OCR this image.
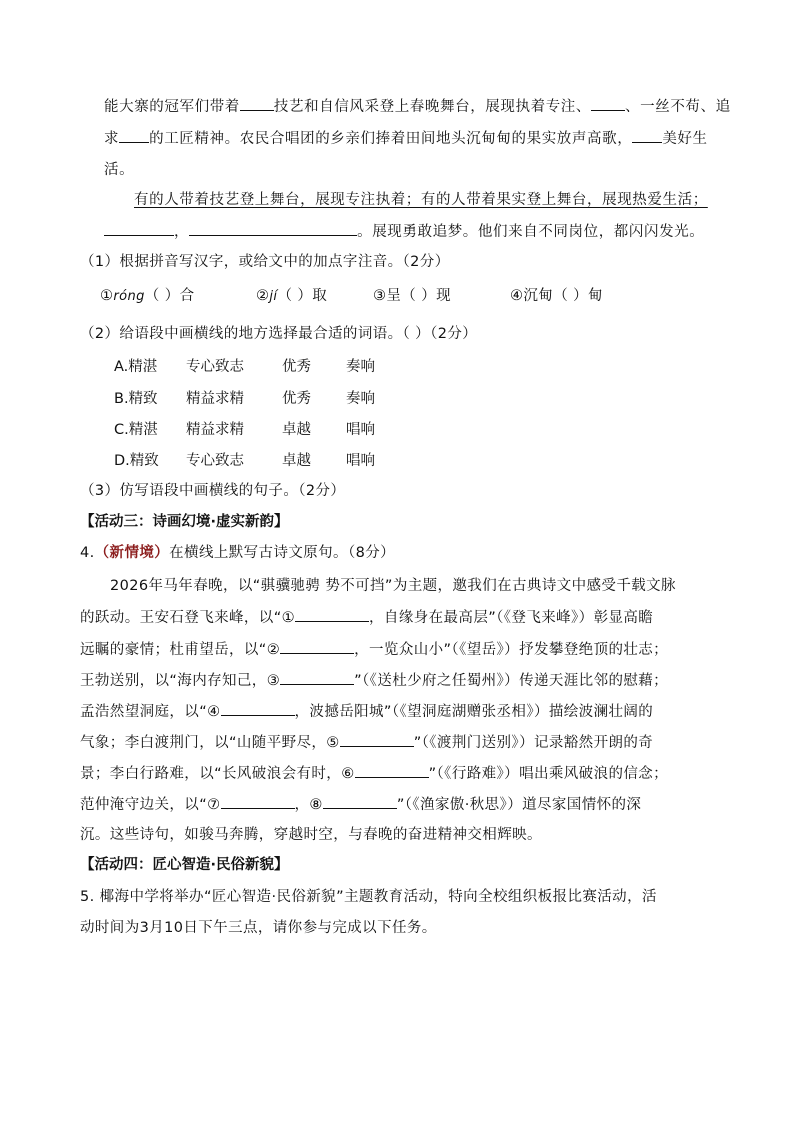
能大寨的冠军们带着 技艺和自信风采登上春晚舞台，展现执着专注、 、一丝不苟、追
求 的工匠精神。农民合唱团的乡亲们捧着田间地头沉甸甸的果实放声高歌， 美好生
活。
有的人带着技艺登上舞台，展现专注执着；有的人带着果实登上舞台，展现热爱生活；
，	。展现勇敢追梦。他们来自不同岗位，都闪闪发光。
（1）根据拼音写汉字，或给文中的加点字注音。（2分）
①róng（ ）合	②jí（ ）取	③呈（ ）现	④沉甸（ ）甸
（2）给语段中画横线的地方选择最合适的词语。（ ）（2分）
A.精湛 专心致志	优秀 奏响
B.精致 精益求精	优秀 奏响
C.精湛 精益求精	卓越 唱响
D.精致 专心致志	卓越 唱响
（3）仿写语段中画横线的句子。（2分）
【活动三：诗画幻境·虚实新韵】
4.（新情境）在横线上默写古诗文原句。（8分）
2026年马年春晚，以“骐骥驰骋 势不可挡”为主题，邀我们在古典诗文中感受千载文脉
的跃动。王安石登飞来峰，以“①	，自缘身在最高层”（《登飞来峰》）彰显高瞻
远瞩的豪情；杜甫望岳，以“②	，一览众山小”（《望岳》）抒发攀登绝顶的壮志；
王勃送别，以“海内存知己，③	”（《送杜少府之任蜀州》）传递天涯比邻的慰藉；
孟浩然望洞庭，以“④	，波撼岳阳城”（《望洞庭湖赠张丞相》）描绘波澜壮阔的
气象；李白渡荆门，以“山随平野尽，⑤	”（《渡荆门送别》）记录豁然开朗的奇
景；李白行路难，以“长风破浪会有时，⑥	”（《行路难》）唱出乘风破浪的信念；
范仲淹守边关，以“⑦	，⑧	”（《渔家傲·秋思》）道尽家国情怀的深
沉。这些诗句，如骏马奔腾，穿越时空，与春晚的奋进精神交相辉映。
【活动四：匠心智造·民俗新貌】
5. 椰海中学将举办“匠心智造·民俗新貌”主题教育活动，特向全校组织板报比赛活动，活
动时间为3月10日下午三点，请你参与完成以下任务。
